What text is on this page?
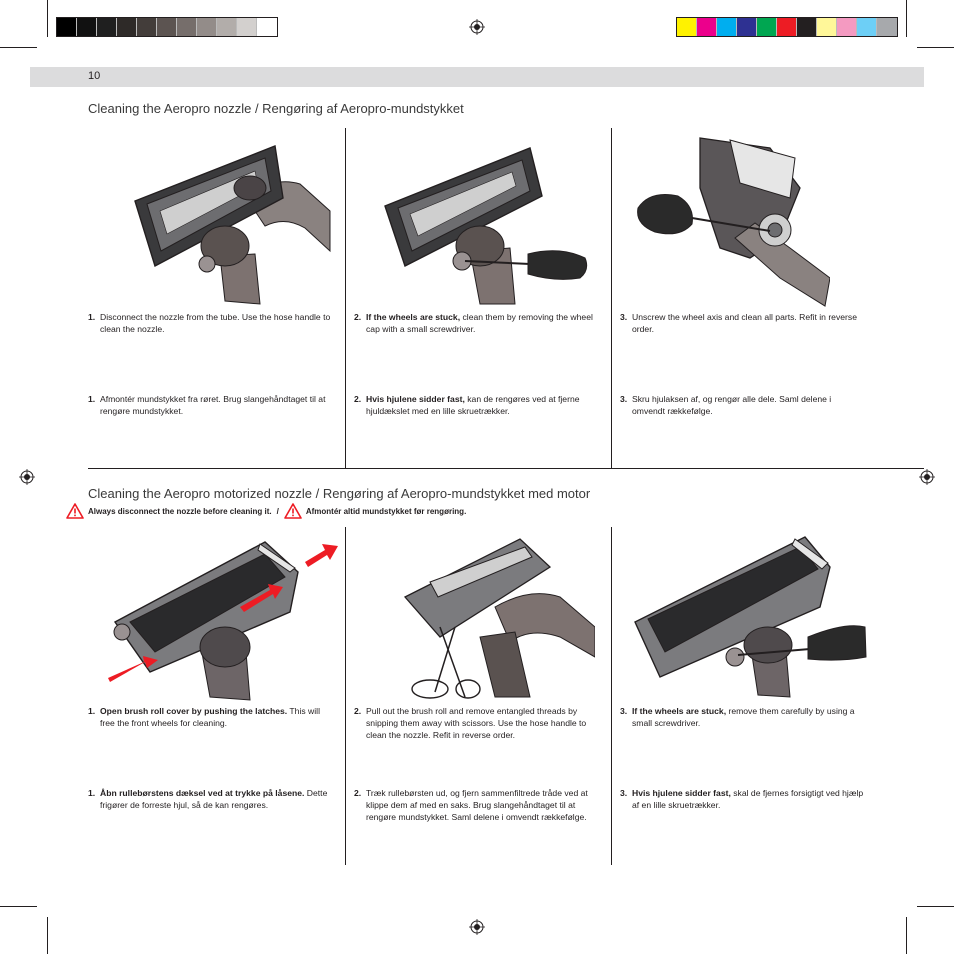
10
Cleaning the Aeropro nozzle / Rengøring af Aeropro-mundstykket
1. Disconnect the nozzle from the tube. Use the hose handle to clean the nozzle.
1. Afmontér mundstykket fra røret. Brug slangehåndtaget til at rengøre mundstykket.
2. If the wheels are stuck, clean them by removing the wheel cap with a small screwdriver.
2. Hvis hjulene sidder fast, kan de rengøres ved at fjerne hjuldækslet med en lille skruetrækker.
3. Unscrew the wheel axis and clean all parts. Refit in reverse order.
3. Skru hjulaksen af, og rengør alle dele. Saml delene i omvendt rækkefølge.
Cleaning the Aeropro motorized nozzle / Rengøring af Aeropro-mundstykket med motor
Always disconnect the nozzle before cleaning it. /	Afmontér altid mundstykket før rengøring.
1. Open brush roll cover by pushing the latches. This will free the front wheels for cleaning.
1. Åbn rullebørstens dæksel ved at trykke på låsene. Dette frigører de forreste hjul, så de kan rengøres.
2. Pull out the brush roll and remove entangled threads by snipping them away with scissors. Use the hose handle to clean the nozzle. Refit in reverse order.
2. Træk rullebørsten ud, og fjern sammenfiltrede tråde ved at klippe dem af med en saks. Brug slangehåndtaget til at rengøre mundstykket. Saml delene i omvendt rækkefølge.
3. If the wheels are stuck, remove them carefully by using a small screwdriver.
3. Hvis hjulene sidder fast, skal de fjernes forsigtigt ved hjælp af en lille skruetrækker.
